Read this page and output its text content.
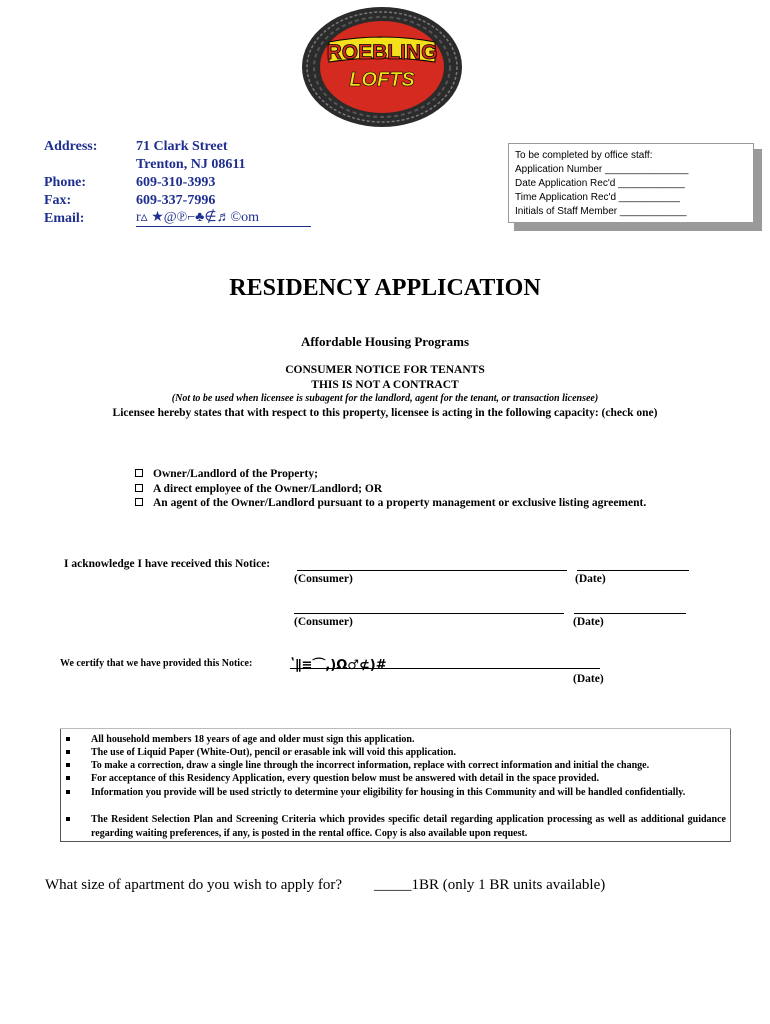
ROEBLING
LOFTS
Address:	71 Clark Street
Trenton, NJ 08611
Phone:	609-310-3993
Fax:	609-337-7996
Email:	r▵ ★@℗⌐♣∉♬©om
To be completed by office staff:
Application Number _______________
Date Application Rec'd ____________
Time Application Rec'd ___________
Initials of Staff Member ____________
RESIDENCY APPLICATION
Affordable Housing Programs
CONSUMER NOTICE FOR TENANTS
THIS IS NOT A CONTRACT
(Not to be used when licensee is subagent for the landlord, agent for the tenant, or transaction licensee)
Licensee hereby states that with respect to this property, licensee is acting in the following capacity: (check one)
Owner/Landlord of the Property;
A direct employee of the Owner/Landlord; OR
An agent of the Owner/Landlord pursuant to a property management or exclusive listing agreement.
I acknowledge I have received this Notice:
(Consumer)	(Date)
(Consumer)	(Date)
We certify that we have provided this Notice:	ʽ∥≡⌒,)Ω♂⊄)#
(Date)
All household members 18 years of age and older must sign this application.
The use of Liquid Paper (White-Out), pencil or erasable ink will void this application.
To make a correction, draw a single line through the incorrect information, replace with correct information and initial the change.
For acceptance of this Residency Application, every question below must be answered with detail in the space provided.
Information you provide will be used strictly to determine your eligibility for housing in this Community and will be handled confidentially.
The Resident Selection Plan and Screening Criteria which provides specific detail regarding application processing as well as additional guidance regarding waiting preferences, if any, is posted in the rental office. Copy is also available upon request.
What size of apartment do you wish to apply for? _____1BR (only 1 BR units available)
